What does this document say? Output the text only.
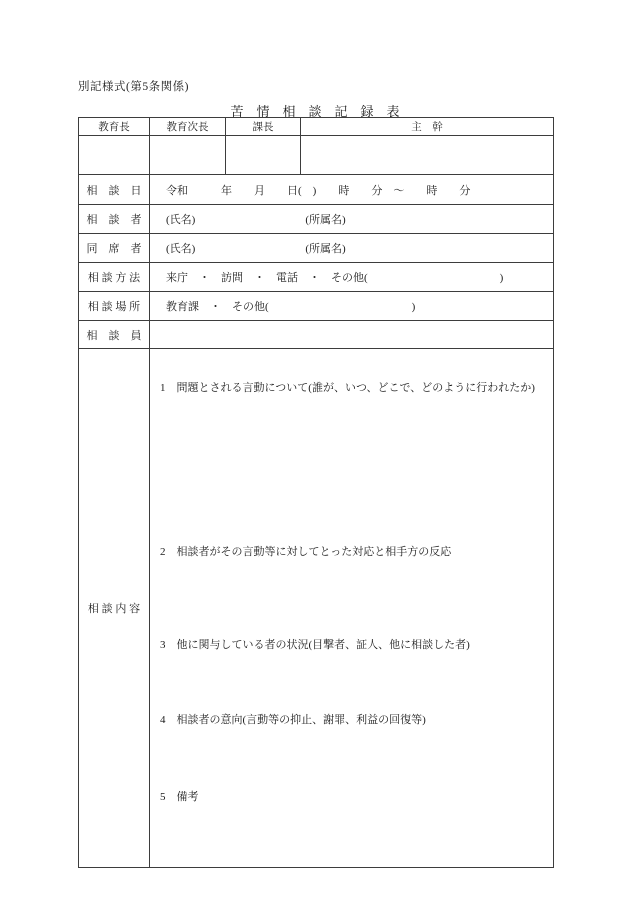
別記様式(第5条関係)
苦　情　相　談　記　録　表
教育長	教育次長	課長	主　幹

相　談　日	令和　　　年　　月　　日(　)　　時　　分　～　　時　　分		
相　談　者	(氏名)　　　　　　　　　　(所属名)		
同　席　者	(氏名)　　　　　　　　　　(所属名)		
相 談 方 法	来庁　・　訪問　・　電話　・　その他(　　　　　　　　　　　　)		
相 談 場 所	教育課　・　その他(　　　　　　　　　　　　　)		
相　談　員			
相 談 内 容	1　問題とされる言動について(誰が、いつ、どこで、どのように行われたか)

2　相談者がその言動等に対してとった対応と相手方の反応

3　他に関与している者の状況(目撃者、証人、他に相談した者)

4　相談者の意向(言動等の抑止、謝罪、利益の回復等)

5　備考		
